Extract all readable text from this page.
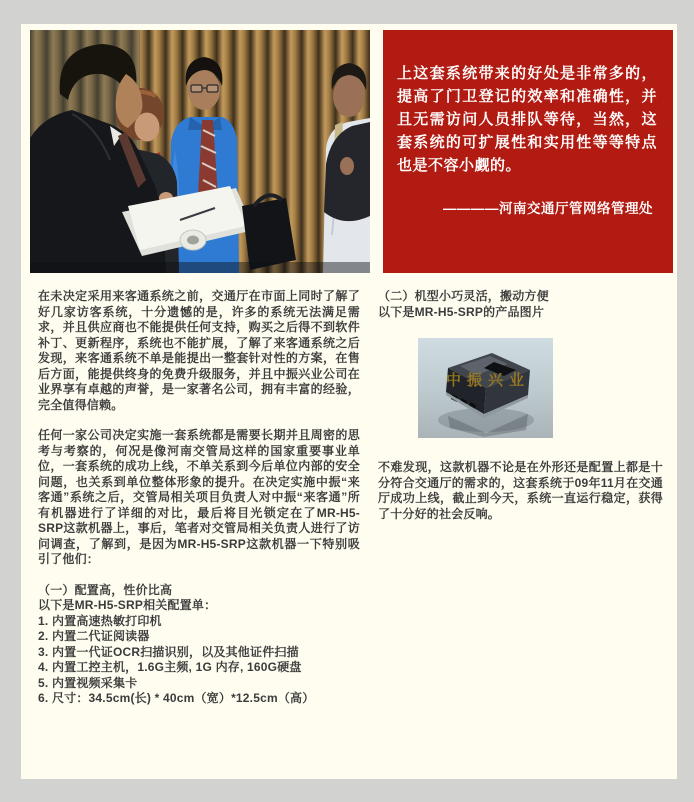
上这套系统带来的好处是非常多的，提高了门卫登记的效率和准确性，并且无需访问人员排队等待，当然，这套系统的可扩展性和实用性等等特点也是不容小觑的。

————河南交通厅管网络管理处

在未决定采用来客通系统之前，交通厅在市面上同时了解了好几家访客系统，十分遗憾的是，许多的系统无法满足需求，并且供应商也不能提供任何支持，购买之后得不到软件补丁、更新程序，系统也不能扩展，了解了来客通系统之后发现，来客通系统不单是能提出一整套针对性的方案，在售后方面，能提供终身的免费升级服务，并且中振兴业公司在业界享有卓越的声誉，是一家著名公司，拥有丰富的经验，完全值得信赖。

任何一家公司决定实施一套系统都是需要长期并且周密的思考与考察的，何况是像河南交管局这样的国家重要事业单位，一套系统的成功上线，不单关系到今后单位内部的安全问题，也关系到单位整体形象的提升。在决定实施中振“来客通”系统之后，交管局相关项目负责人对中振“来客通”所有机器进行了详细的对比，最后将目光锁定在了MR-H5-SRP这款机器上，事后，笔者对交管局相关负责人进行了访问调查，了解到，是因为MR-H5-SRP这款机器一下特别吸引了他们：

（一）配置高，性价比高

以下是MR-H5-SRP相关配置单：

1. 内置高速热敏打印机
2. 内置二代证阅读器
3. 内置一代证OCR扫描识别，以及其他证件扫描
4. 内置工控主机，1.6G主频, 1G 内存, 160G硬盘
5. 内置视频采集卡
6. 尺寸：34.5cm(长) * 40cm（宽）*12.5cm（高）

（二）机型小巧灵活，搬动方便

以下是MR-H5-SRP的产品图片

中振兴业

不难发现，这款机器不论是在外形还是配置上都是十分符合交通厅的需求的，这套系统于09年11月在交通厅成功上线，截止到今天，系统一直运行稳定，获得了十分好的社会反响。
